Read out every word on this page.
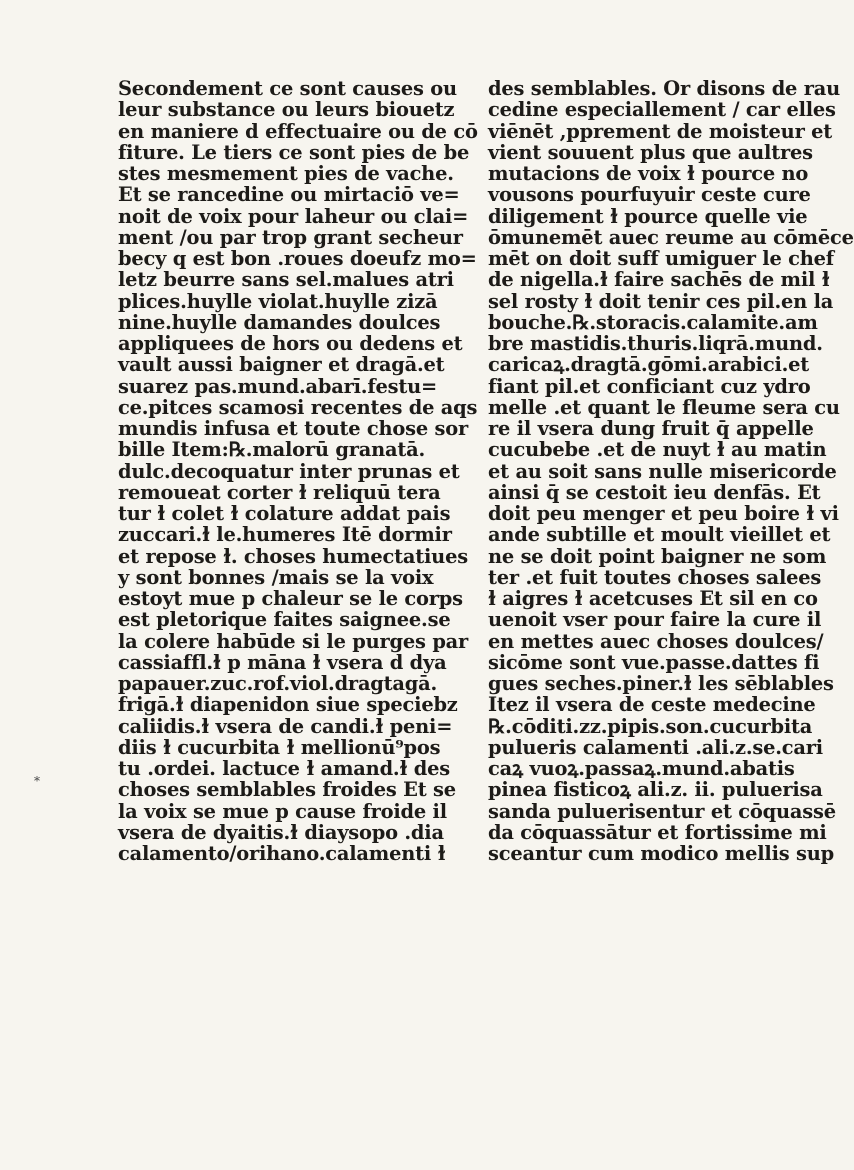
Secondement ce sont causes ou
leur substance ou leurs biouetz
en maniere d effectuaire ou de cō
fiture. Le tiers ce sont pies de be
stes mesmement pies de vache.
Et se rancedine ou mirtaciō ve=
noit de voix pour laheur ou clai=
ment /ou par trop grant secheur
becy q est bon .roues doeufz mo=
letz beurre sans sel.malues atri
plices.huylle violat.huylle zizā
nine.huylle damandes doulces
appliquees de hors ou dedens et
vault aussi baigner et dragā.et
suarez pas.mund.abarī.festu=
ce.pitces scamosi recentes de aqs
mundis infusa et toute chose sor
bille Item:℞.malorū granatā.
dulc.decoquatur inter prunas et
remoueat corter ɫ reliquū tera
tur ɫ colet ɫ colature addat pais
zuccari.ɫ le.humeres Itē dormir
et repose ɫ. choses humectatiues
y sont bonnes /mais se la voix
estoyt mue p chaleur se le corps
est pletorique faites saignee.se
la colere habūde si le purges par
cassiaffl.ɫ p māna ɫ vsera d dya
papauer.zuc.rof.viol.dragtagā.
frigā.ɫ diapenidon siue speciebz
caliidis.ɫ vsera de candi.ɫ peni=
diis ɫ cucurbita ɫ mellionū⁹pos
tu .ordei. lactuce ɫ amand.ɫ des
choses semblables froides Et se
la voix se mue p cause froide il
vsera de dyaitis.ɫ diaysopo .dia
calamento/orihano.calamenti ɫ
des semblables. Or disons de rau
cedine especiallement / car elles
viēnēt ,pprement de moisteur et
vient souuent plus que aultres
mutacions de voix ɫ pource no
vousons pourfuyuir ceste cure
diligement ɫ pource quelle vie
ōmunemēt auec reume au cōmēce
mēt on doit suff umiguer le chef
de nigella.ɫ faire sachēs de mil ɫ
sel rosty ɫ doit tenir ces pil.en la
bouche.℞.storacis.calamite.am
bre mastidis.thuris.liqrā.mund.
caricaꝝ.dragtā.gōmi.arabici.et
fiant pil.et conficiant cuz ydro
melle .et quant le fleume sera cu
re il vsera dung fruit q̄ appelle
cucubebe .et de nuyt ɫ au matin
et au soit sans nulle misericorde
ainsi q̄ se cestoit ieu denfās. Et
doit peu menger et peu boire ɫ vi
ande subtille et moult vieillet et
ne se doit point baigner ne som
ter .et fuit toutes choses salees
ɫ aigres ɫ acetcuses Et sil en co
uenoit vser pour faire la cure il
en mettes auec choses doulces/
sicōme sont vue.passe.dattes fi
gues seches.piner.ɫ les sēblables
Itez il vsera de ceste medecine
℞.cōditi.zz.pipis.son.cucurbita
pulueris calamenti .ali.z.se.cari
caꝝ vuoꝝ.passaꝝ.mund.abatis
pinea fisticoꝝ ali.z. ii. puluerisa
sanda puluerisentur et cōquassē
da cōquassātur et fortissime mi
sceantur cum modico mellis sup
*
